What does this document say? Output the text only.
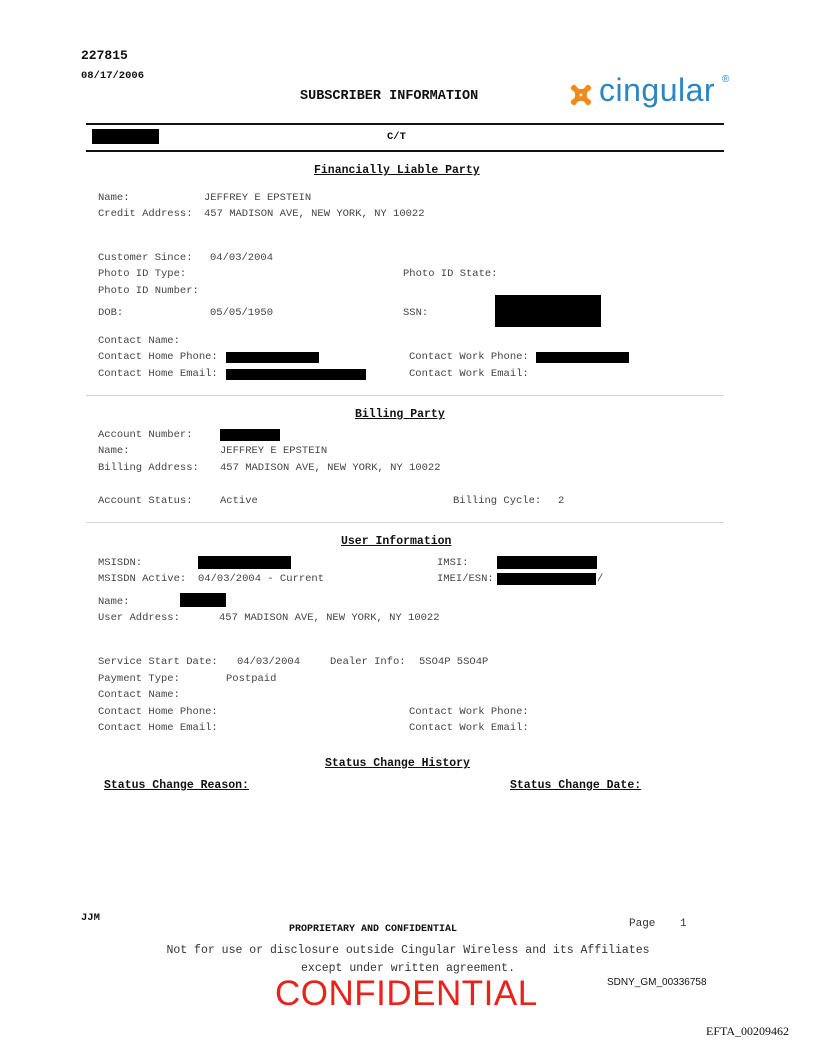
227815
08/17/2006
SUBSCRIBER INFORMATION	cingular ®
C/T
Financially Liable Party
Name:	JEFFREY E EPSTEIN
Credit Address: 457 MADISON AVE, NEW YORK, NY 10022
Customer Since: 04/03/2004
Photo ID Type:	Photo ID State:
Photo ID Number:
DOB:	05/05/1950	SSN:
Contact Name:
Contact Home Phone:	Contact Work Phone:
Contact Home Email:	Contact Work Email:
Billing Party
Account Number:
Name:	JEFFREY E EPSTEIN
Billing Address: 457 MADISON AVE, NEW YORK, NY 10022
Account Status:	Active	Billing Cycle: 2
User Information
MSISDN:	IMSI:
MSISDN Active: 04/03/2004 - Current	IMEI/ESN:	/
Name:
User Address:	457 MADISON AVE, NEW YORK, NY 10022
Service Start Date: 04/03/2004	Dealer Info: 5SO4P 5SO4P
Payment Type:	Postpaid
Contact Name:
Contact Home Phone:	Contact Work Phone:
Contact Home Email:	Contact Work Email:
Status Change History
Status Change Reason:	Status Change Date:
JJM
PROPRIETARY AND CONFIDENTIAL	Page 1
Not for use or disclosure outside Cingular Wireless and its Affiliates
except under written agreement.
CONFIDENTIAL	SDNY_GM_00336758
EFTA_00209462
